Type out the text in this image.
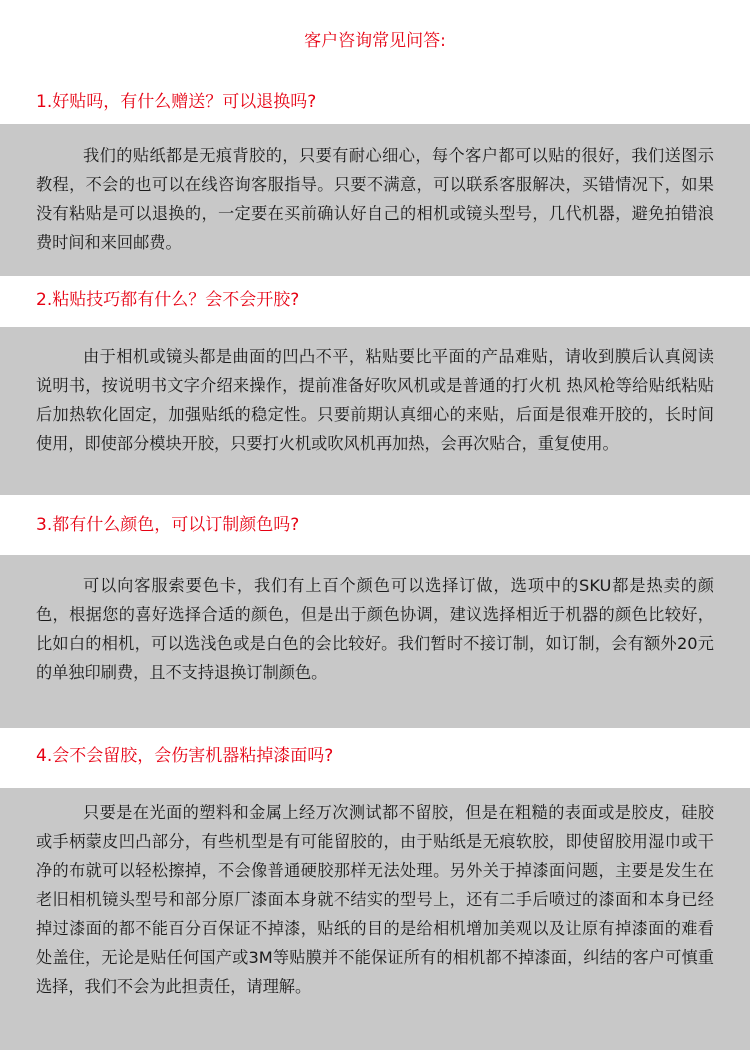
客户咨询常见问答:
1.好贴吗，有什么赠送？可以退换吗?

我们的贴纸都是无痕背胶的，只要有耐心细心，每个客户都可以贴的很好，我们送图示教程，不会的也可以在线咨询客服指导。只要不满意，可以联系客服解决，买错情况下，如果没有粘贴是可以退换的，一定要在买前确认好自己的相机或镜头型号，几代机器，避免拍错浪费时间和来回邮费。

2.粘贴技巧都有什么？会不会开胶?

由于相机或镜头都是曲面的凹凸不平，粘贴要比平面的产品难贴，请收到膜后认真阅读说明书，按说明书文字介绍来操作，提前准备好吹风机或是普通的打火机 热风枪等给贴纸粘贴后加热软化固定，加强贴纸的稳定性。只要前期认真细心的来贴，后面是很难开胶的，长时间使用，即使部分模块开胶，只要打火机或吹风机再加热，会再次贴合，重复使用。

3.都有什么颜色，可以订制颜色吗?

可以向客服索要色卡，我们有上百个颜色可以选择订做，选项中的SKU都是热卖的颜色，根据您的喜好选择合适的颜色，但是出于颜色协调，建议选择相近于机器的颜色比较好，比如白的相机，可以选浅色或是白色的会比较好。我们暂时不接订制，如订制，会有额外20元的单独印刷费，且不支持退换订制颜色。

4.会不会留胶，会伤害机器粘掉漆面吗?

只要是在光面的塑料和金属上经万次测试都不留胶，但是在粗糙的表面或是胶皮，硅胶或手柄蒙皮凹凸部分，有些机型是有可能留胶的，由于贴纸是无痕软胶，即使留胶用湿巾或干净的布就可以轻松擦掉，不会像普通硬胶那样无法处理。另外关于掉漆面问题，主要是发生在老旧相机镜头型号和部分原厂漆面本身就不结实的型号上，还有二手后喷过的漆面和本身已经掉过漆面的都不能百分百保证不掉漆，贴纸的目的是给相机增加美观以及让原有掉漆面的难看处盖住，无论是贴任何国产或3M等贴膜并不能保证所有的相机都不掉漆面，纠结的客户可慎重选择，我们不会为此担责任，请理解。
